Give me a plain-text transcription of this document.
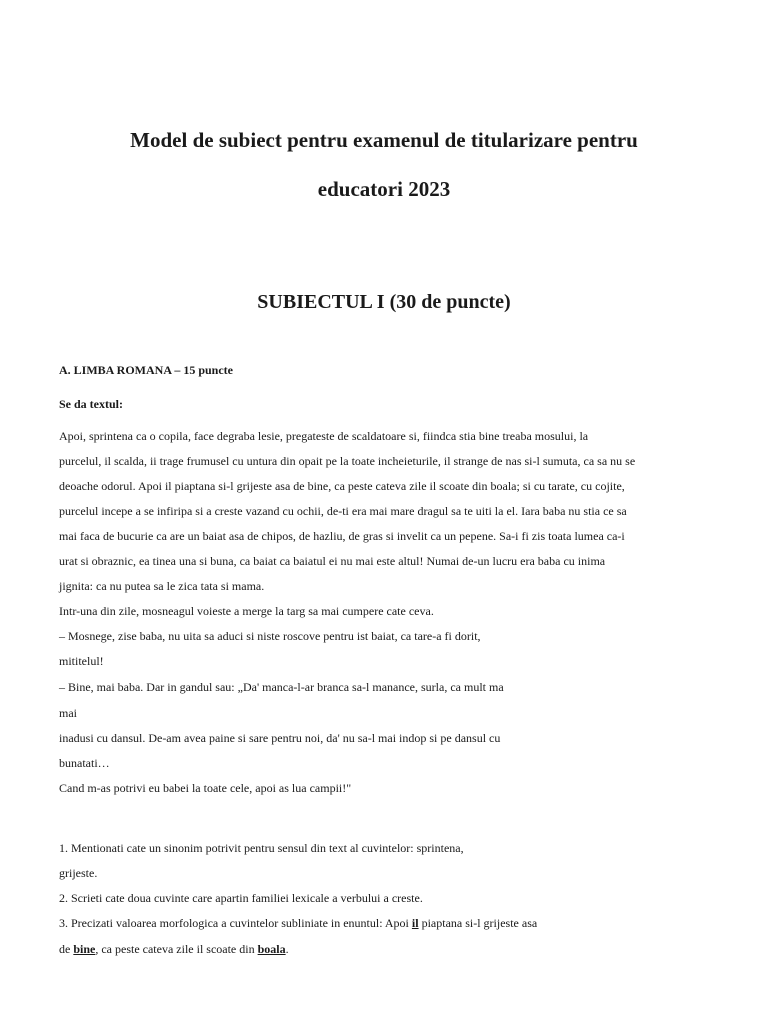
Model de subiect pentru examenul de titularizare pentru
educatori 2023
SUBIECTUL I (30 de puncte)

A. LIMBA ROMANA – 15 puncte

Se da textul:

Apoi, sprintena ca o copila, face degraba lesie, pregateste de scaldatoare si, fiindca stia bine treaba mosului, la

purcelul, il scalda, ii trage frumusel cu untura din opait pe la toate incheieturile, il strange de nas si-l sumuta, ca sa nu se

deoache odorul. Apoi il piaptana si-l grijeste asa de bine, ca peste cateva zile il scoate din boala; si cu tarate, cu cojite,

purcelul incepe a se infiripa si a creste vazand cu ochii, de-ti era mai mare dragul sa te uiti la el. Iara baba nu stia ce sa

mai faca de bucurie ca are un baiat asa de chipos, de hazliu, de gras si invelit ca un pepene. Sa-i fi zis toata lumea ca-i

urat si obraznic, ea tinea una si buna, ca baiat ca baiatul ei nu mai este altul! Numai de-un lucru era baba cu inima

jignita: ca nu putea sa le zica tata si mama.

Intr-una din zile, mosneagul voieste a merge la targ sa mai cumpere cate ceva.

– Mosnege, zise baba, nu uita sa aduci si niste roscove pentru ist baiat, ca tare-a fi dorit,

mititelul!

– Bine, mai baba. Dar in gandul sau: „Da' manca-l-ar branca sa-l manance, surla, ca mult ma

mai

inadusi cu dansul. De-am avea paine si sare pentru noi, da' nu sa-l mai indop si pe dansul cu

bunatati…

Cand m-as potrivi eu babei la toate cele, apoi as lua campii!"

1. Mentionati cate un sinonim potrivit pentru sensul din text al cuvintelor: sprintena,

grijeste.

2. Scrieti cate doua cuvinte care apartin familiei lexicale a verbului a creste.

3. Precizati valoarea morfologica a cuvintelor subliniate in enuntul: Apoi il piaptana si-l grijeste asa

de bine, ca peste cateva zile il scoate din boala.
